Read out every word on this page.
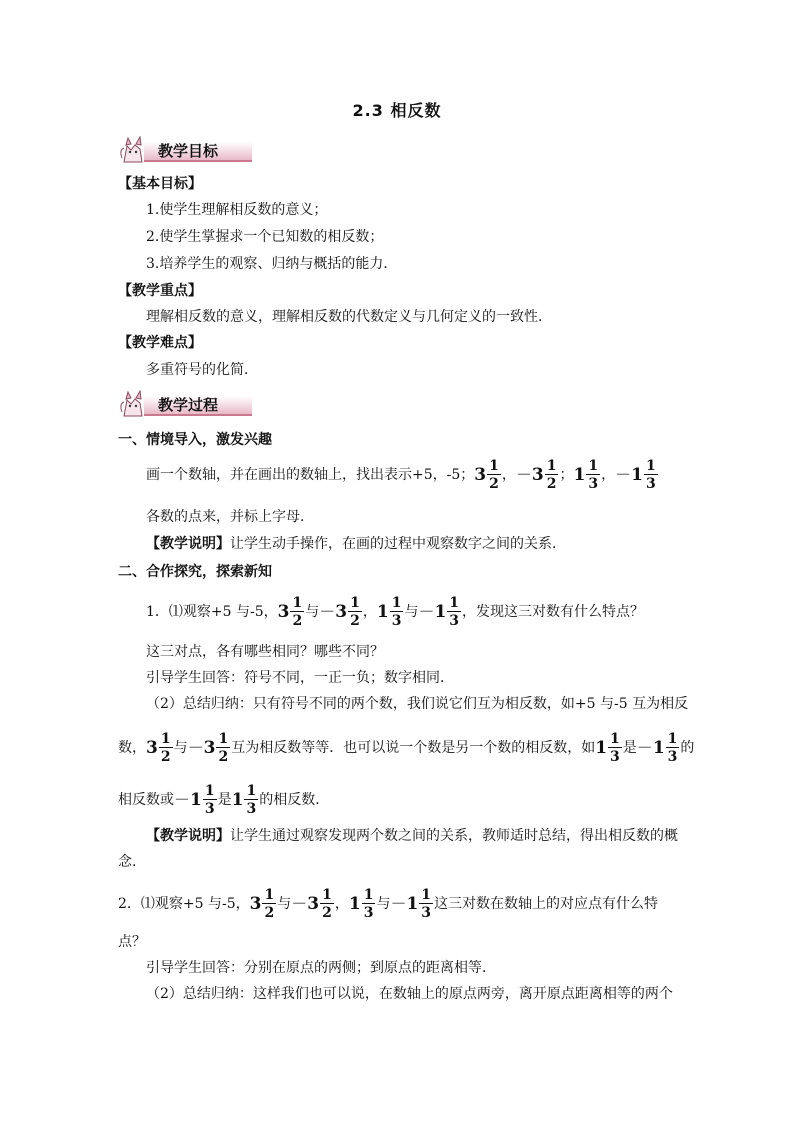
2.3 相反数
教学目标
【基本目标】
1.使学生理解相反数的意义；
2.使学生掌握求一个已知数的相反数；
3.培养学生的观察、归纳与概括的能力．
【教学重点】
理解相反数的意义，理解相反数的代数定义与几何定义的一致性．
【教学难点】
多重符号的化简．
教学过程
一、情境导入，激发兴趣
画一个数轴，并在画出的数轴上，找出表示+5，-5；$3 \frac{1}{2}$ ，$-3 \frac{1}{2}$ ；$1 \frac{1}{3}$ ，$-1 \frac{1}{3}$
各数的点来，并标上字母．
【教学说明】让学生动手操作，在画的过程中观察数字之间的关系．
二、合作探究，探索新知
1．⑴观察+5 与-5，$3 \frac{1}{2}$ 与$-3 \frac{1}{2}$ ，$1 \frac{1}{3}$ 与$-1 \frac{1}{3}$ ，发现这三对数有什么特点？
这三对点，各有哪些相同？哪些不同？
引导学生回答：符号不同，一正一负；数字相同．
（2）总结归纳：只有符号不同的两个数，我们说它们互为相反数，如+5 与-5 互为相反
数，$3 \frac{1}{2}$ 与$-3 \frac{1}{2}$ 互为相反数等等．也可以说一个数是另一个数的相反数，如$1 \frac{1}{3}$ 是$-1 \frac{1}{3}$ 的
相反数或$-1 \frac{1}{3}$ 是$1 \frac{1}{3}$ 的相反数．
【教学说明】让学生通过观察发现两个数之间的关系，教师适时总结，得出相反数的概
念.
2．⑴观察+5 与-5，$3 \frac{1}{2}$ 与$-3 \frac{1}{2}$ ，$1 \frac{1}{3}$ 与$-1 \frac{1}{3}$ 这三对数在数轴上的对应点有什么特
点？
引导学生回答：分别在原点的两侧；到原点的距离相等．
（2）总结归纳：这样我们也可以说，在数轴上的原点两旁，离开原点距离相等的两个
